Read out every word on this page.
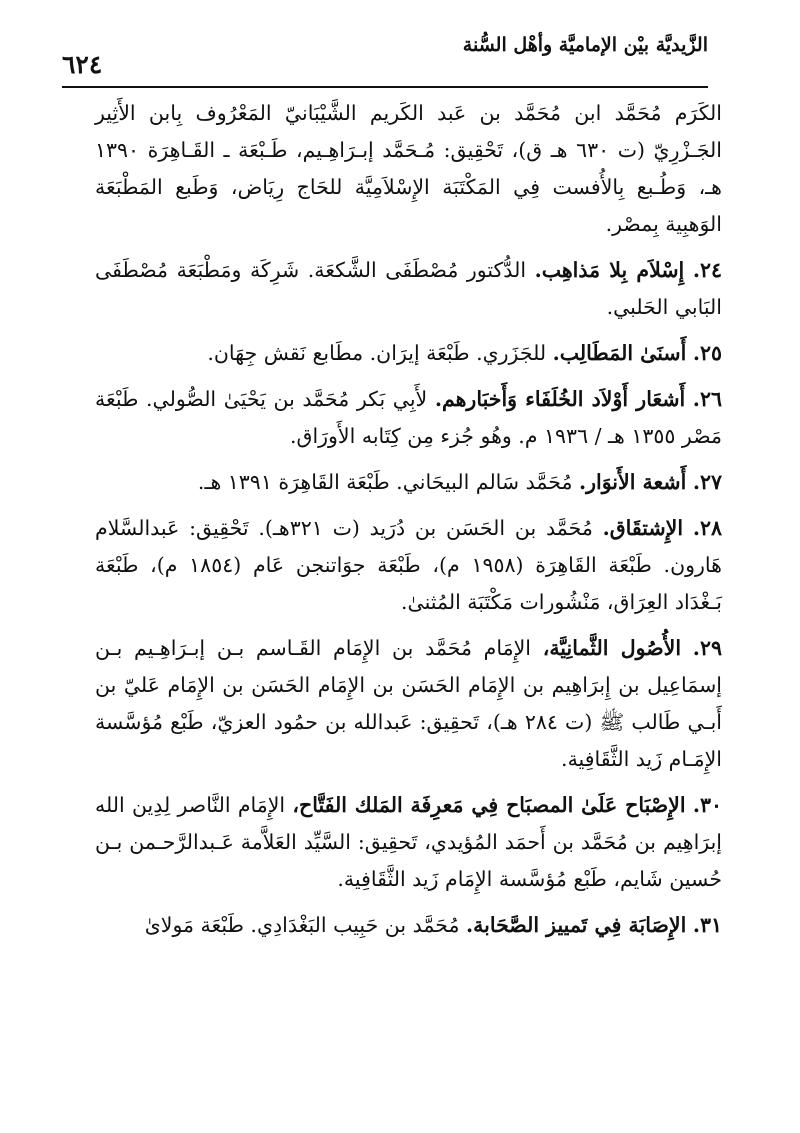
الزَّيديَّة بيْن الإماميَّة وأهْل السُّنة
٦٢٤

الكَرَم مُحَمَّد ابن مُحَمَّد بن عَبد الكَريم الشَّيْبَانيّ المَعْرُوف بِابن الأَثِير الجَـزْرِيّ (ت ٦٣٠ هـ ق)، تَحْقِيق: مُـحَمَّد إبـرَاهِـيم، طَـبْعَة ـ القَـاهِرَة ١٣٩٠ هـ، وَطُـبع بِالأُفست فِي المَكْتَبَة الإِسْلاَمِيَّة للحَاج رِيَاض، وَطَبع المَطْبَعَة الوَهبِية بِمصْر.

٢٤. إِسْلاَم بِلا مَذاهِب. الدُّكتور مُصْطَفَى الشَّكعَة. شَرِكَة ومَطْبَعَة مُصْطَفَى البَابي الحَلبي.

٢٥. أَسنَىٰ المَطَالِب. للجَزَري. طَبْعَة إيرَان. مطَابع نَقش جِهَان.

٢٦. أَشعَار أَوْلاَد الخُلَفَاء وَأَخبَارهم. لأَبِي بَكر مُحَمَّد بن يَحْيَىٰ الصُّولي. طَبْعَة مَصْر ١٣٥٥ هـ / ١٩٣٦ م. وهُو جُزء مِن كِتَابه الأَورَاق.

٢٧. أَشعة الأَنوَار. مُحَمَّد سَالم البيحَاني. طَبْعَة القَاهِرَة ١٣٩١ هـ.

٢٨. الإِشتقَاق. مُحَمَّد بن الحَسَن بن دُرَيد (ت ٣٢١هـ). تَحْقِيق: عَبدالسَّلام هَارون. طَبْعَة القَاهِرَة (١٩٥٨ م)، طَبْعَة جوَاتنجن عَام (١٨٥٤ م)، طَبْعَة بَـغْدَاد العِرَاق، مَنْشُورات مَكْتَبَة المُثنىٰ.

٢٩. الأُصُول الثَّمانِيَّة، الإِمَام مُحَمَّد بن الإِمَام القَـاسم بـن إبـرَاهِـيم بـن إسمَاعِيل بن إِبرَاهِيم بن الإِمَام الحَسَن بن الإِمَام الحَسَن بن الإِمَام عَليّ بن أَبـي طَالب ﷺ (ت ٢٨٤ هـ)، تَحقِيق: عَبدالله بن حمُود العزيّ، طَبْع مُؤسَّسة الإِمَـام زَيد الثَّقَافِية.

٣٠. الإِصْبَاح عَلَىٰ المصبَاح فِي مَعرِفَة المَلك الفَتَّاح، الإِمَام النَّاصر لِدِين الله إبرَاهِيم بن مُحَمَّد بن أَحمَد المُؤيدي، تَحقِيق: السَّيِّد العَلاَّمة عَـبدالرَّحـمن بـن حُسين شَايم، طَبْع مُؤسَّسة الإِمَام زَيد الثَّقَافِية.

٣١. الإِصَابَة فِي تَمييز الصَّحَابة. مُحَمَّد بن حَبِيب البَغْدَادِي. طَبْعَة مَولاىٰ
